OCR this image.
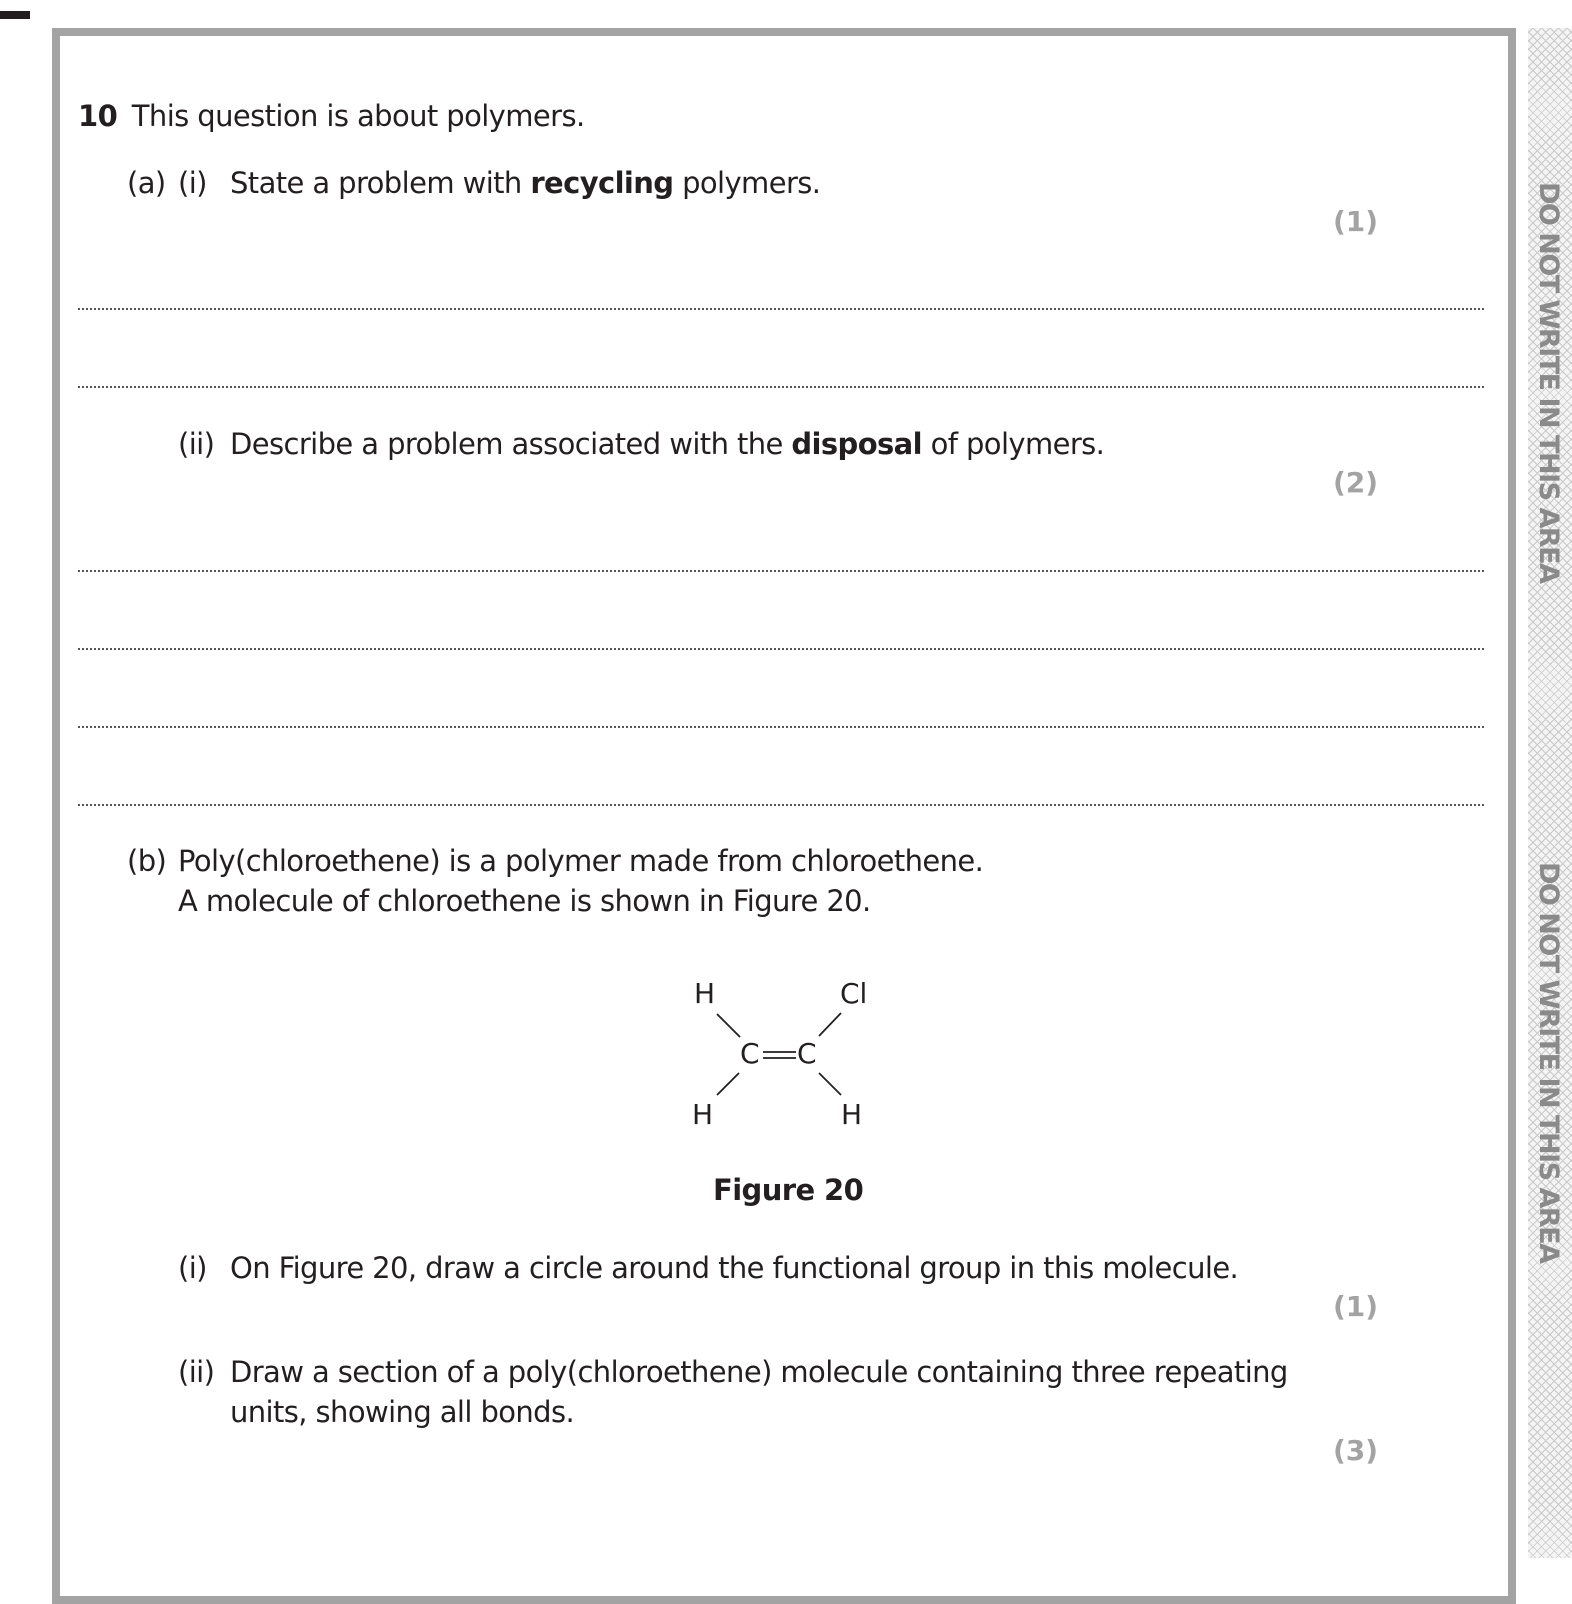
DO NOT WRITE IN THIS AREA
DO NOT WRITE IN THIS AREA
10 This question is about polymers.
(a) (i) State a problem with recycling polymers.
(1)
(ii) Describe a problem associated with the disposal of polymers.
(2)
(b) Poly(chloroethene) is a polymer made from chloroethene.
A molecule of chloroethene is shown in Figure 20.
H	Cl
C C
H	H
Figure 20
(i) On Figure 20, draw a circle around the functional group in this molecule.
(1)
(ii) Draw a section of a poly(chloroethene) molecule containing three repeating
units, showing all bonds.
(3)
